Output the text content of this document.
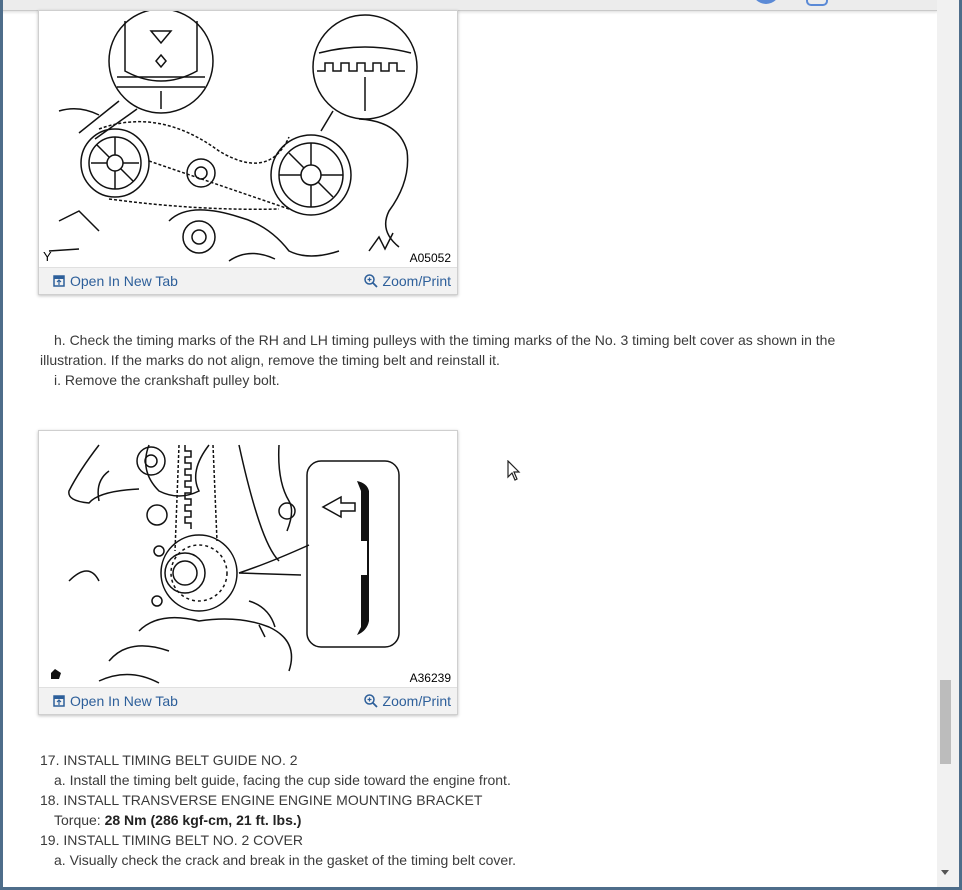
Y	A05052
Open In New Tab	Zoom/Print
h. Check the timing marks of the RH and LH timing pulleys with the timing marks of the No. 3 timing belt cover as shown in the
illustration. If the marks do not align, remove the timing belt and reinstall it.
i. Remove the crankshaft pulley bolt.
A36239
Open In New Tab	Zoom/Print
17. INSTALL TIMING BELT GUIDE NO. 2
a. Install the timing belt guide, facing the cup side toward the engine front.
18. INSTALL TRANSVERSE ENGINE ENGINE MOUNTING BRACKET
Torque: 28 Nm (286 kgf-cm, 21 ft. lbs.)
19. INSTALL TIMING BELT NO. 2 COVER
a. Visually check the crack and break in the gasket of the timing belt cover.
